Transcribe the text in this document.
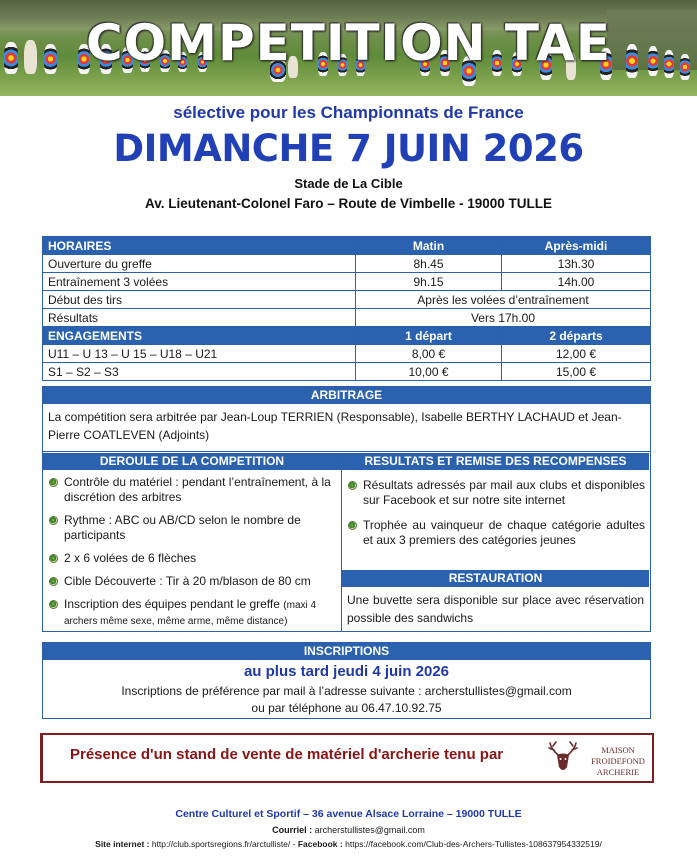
COMPETITION TAE
sélective pour les Championnats de France
DIMANCHE 7 JUIN 2026
Stade de La Cible
Av. Lieutenant-Colonel Faro – Route de Vimbelle - 19000 TULLE
HORAIRES	Matin	Après-midi
Ouverture du greffe	8h.45	13h.30
Entraînement 3 volées	9h.15	14h.00
Début des tirs	Après les volées d’entraînement	
Résultats	Vers 17h.00	
ENGAGEMENTS	1 départ	2 départs
U11 – U 13 – U 15 – U18 – U21	8,00 €	12,00 €
S1 – S2 – S3	10,00 €	15,00 €
ARBITRAGE
La compétition sera arbitrée par Jean-Loup TERRIEN (Responsable), Isabelle BERTHY LACHAUD et Jean-Pierre COATLEVEN (Adjoints)
DEROULE DE LA COMPETITION
Contrôle du matériel : pendant l’entraînement, à la discrétion des arbitres
Rythme : ABC ou AB/CD selon le nombre de participants
2 x 6 volées de 6 flèches
Cible Découverte : Tir à 20 m/blason de 80 cm
Inscription des équipes pendant le greffe (maxi 4 archers même sexe, même arme, même distance)
RESULTATS ET REMISE DES RECOMPENSES
Résultats adressés par mail aux clubs et disponibles sur Facebook et sur notre site internet
Trophée au vainqueur de chaque catégorie adultes et aux 3 premiers des catégories jeunes
RESTAURATION
Une buvette sera disponible sur place avec réservation possible des sandwichs
INSCRIPTIONS
au plus tard jeudi 4 juin 2026
Inscriptions de préférence par mail à l’adresse suivante : archerstullistes@gmail.com
ou par téléphone au 06.47.10.92.75
Présence d'un stand de vente de matériel d'archerie tenu par	MAISON FROIDEFOND
ARCHERIE
Centre Culturel et Sportif – 36 avenue Alsace Lorraine – 19000 TULLE
Courriel : archerstullistes@gmail.com
Site internet : http://club.sportsregions.fr/arctulliste/ - Facebook : https://facebook.com/Club-des-Archers-Tullistes-108637954332519/
